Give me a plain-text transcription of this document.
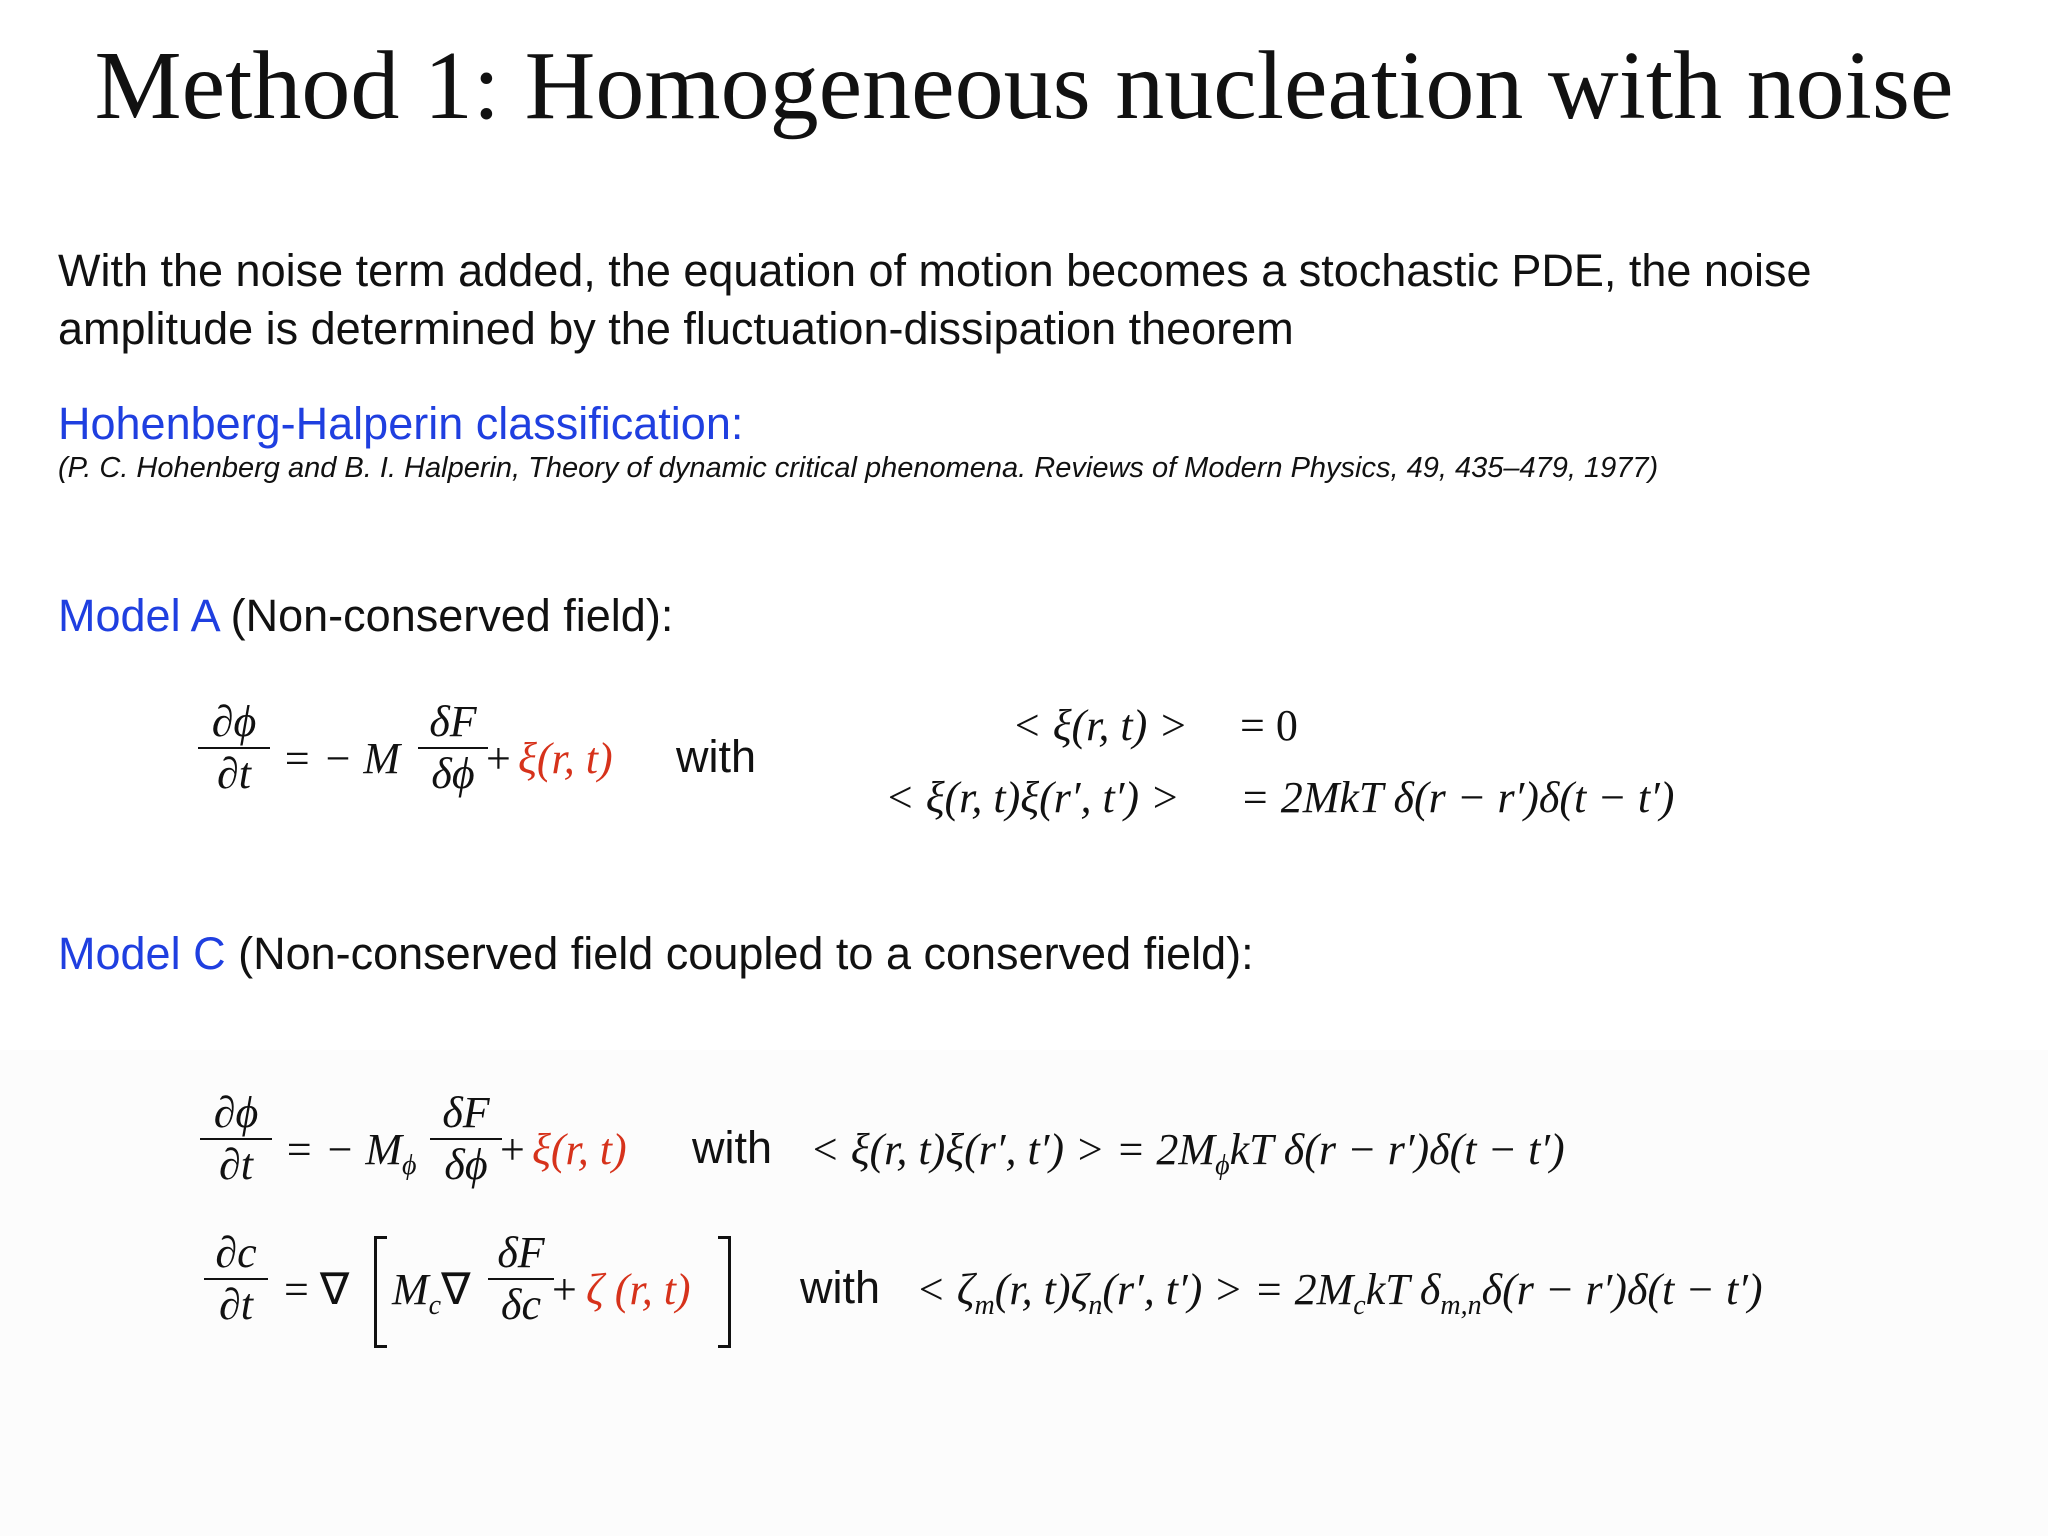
Method 1: Homogeneous nucleation with noise
With the noise term added, the equation of motion becomes a stochastic PDE, the noise amplitude is determined by the fluctuation-dissipation theorem
Hohenberg-Halperin classification:
(P. C. Hohenberg and B. I. Halperin, Theory of dynamic critical phenomena. Reviews of Modern Physics, 49, 435–479, 1977)
Model A (Non-conserved field):
∂ϕ
∂t = − M
δF
δϕ + ξ(r, t) with
< ξ(r, t) > = 0
< ξ(r, t)ξ(r′, t′) > = 2MkT δ(r − r′)δ(t − t′)
Model C (Non-conserved field coupled to a conserved field):
∂ϕ
∂t = − $M_\phi$
δF
δϕ + ξ(r, t) with < ξ(r, t)ξ(r′, t′) > = $2M_\phi kT$ δ(r − r′)δ(t − t′)
∂c
∂t = ∇ $M_c\nabla$
δF
δc + ζ (r, t) with < $\zeta_m(r$, $t)\zeta_n(r'$, t′) > = $2M_ckT$ $\delta_{m,n}\delta(r - r')\delta(t - t')$
